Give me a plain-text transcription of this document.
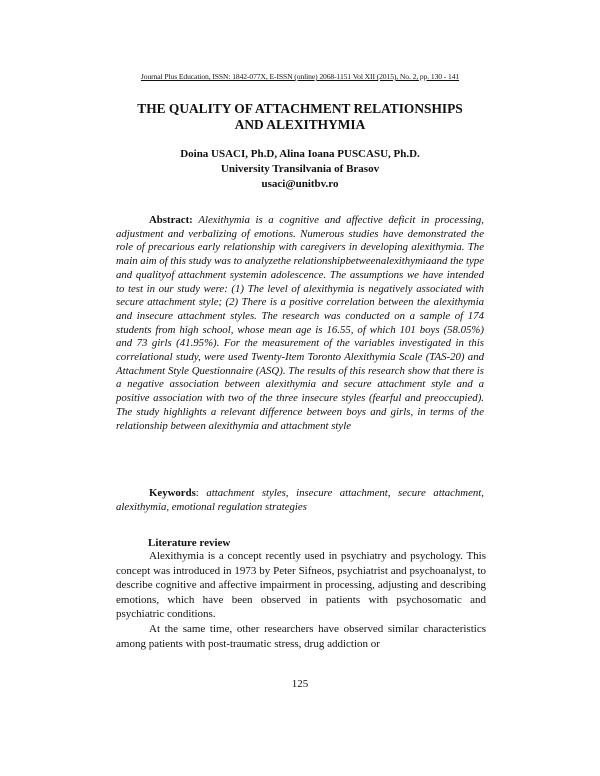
Journal Plus Education, ISSN: 1842-077X, E-ISSN (online) 2068-1151 Vol XII (2015), No. 2, pp. 130 - 141
THE QUALITY OF ATTACHMENT RELATIONSHIPS
AND ALEXITHYMIA
Doina USACI, Ph.D, Alina Ioana PUSCASU, Ph.D.
University Transilvania of Brasov
usaci@unitbv.ro
Abstract: Alexithymia is a cognitive and affective deficit in processing, adjustment and verbalizing of emotions. Numerous studies have demonstrated the role of precarious early relationship with caregivers in developing alexithymia. The main aim of this study was to analyzethe relationshipbetweenalexithymiaand the type and qualityof attachment systemin adolescence. The assumptions we have intended to test in our study were: (1) The level of alexithymia is negatively associated with secure attachment style; (2) There is a positive correlation between the alexithymia and insecure attachment styles. The research was conducted on a sample of 174 students from high school, whose mean age is 16.55, of which 101 boys (58.05%) and 73 girls (41.95%). For the measurement of the variables investigated in this correlational study, were used Twenty-Item Toronto Alexithymia Scale (TAS-20) and Attachment Style Questionnaire (ASQ). The results of this research show that there is a negative association between alexithymia and secure attachment style and a positive association with two of the three insecure styles (fearful and preoccupied). The study highlights a relevant difference between boys and girls, in terms of the relationship between alexithymia and attachment style
Keywords: attachment styles, insecure attachment, secure attachment, alexithymia, emotional regulation strategies
Literature review

Alexithymia is a concept recently used in psychiatry and psychology. This concept was introduced in 1973 by Peter Sifneos, psychiatrist and psychoanalyst, to describe cognitive and affective impairment in processing, adjusting and describing emotions, which have been observed in patients with psychosomatic and psychiatric conditions.

At the same time, other researchers have observed similar characteristics among patients with post-traumatic stress, drug addiction or

125
